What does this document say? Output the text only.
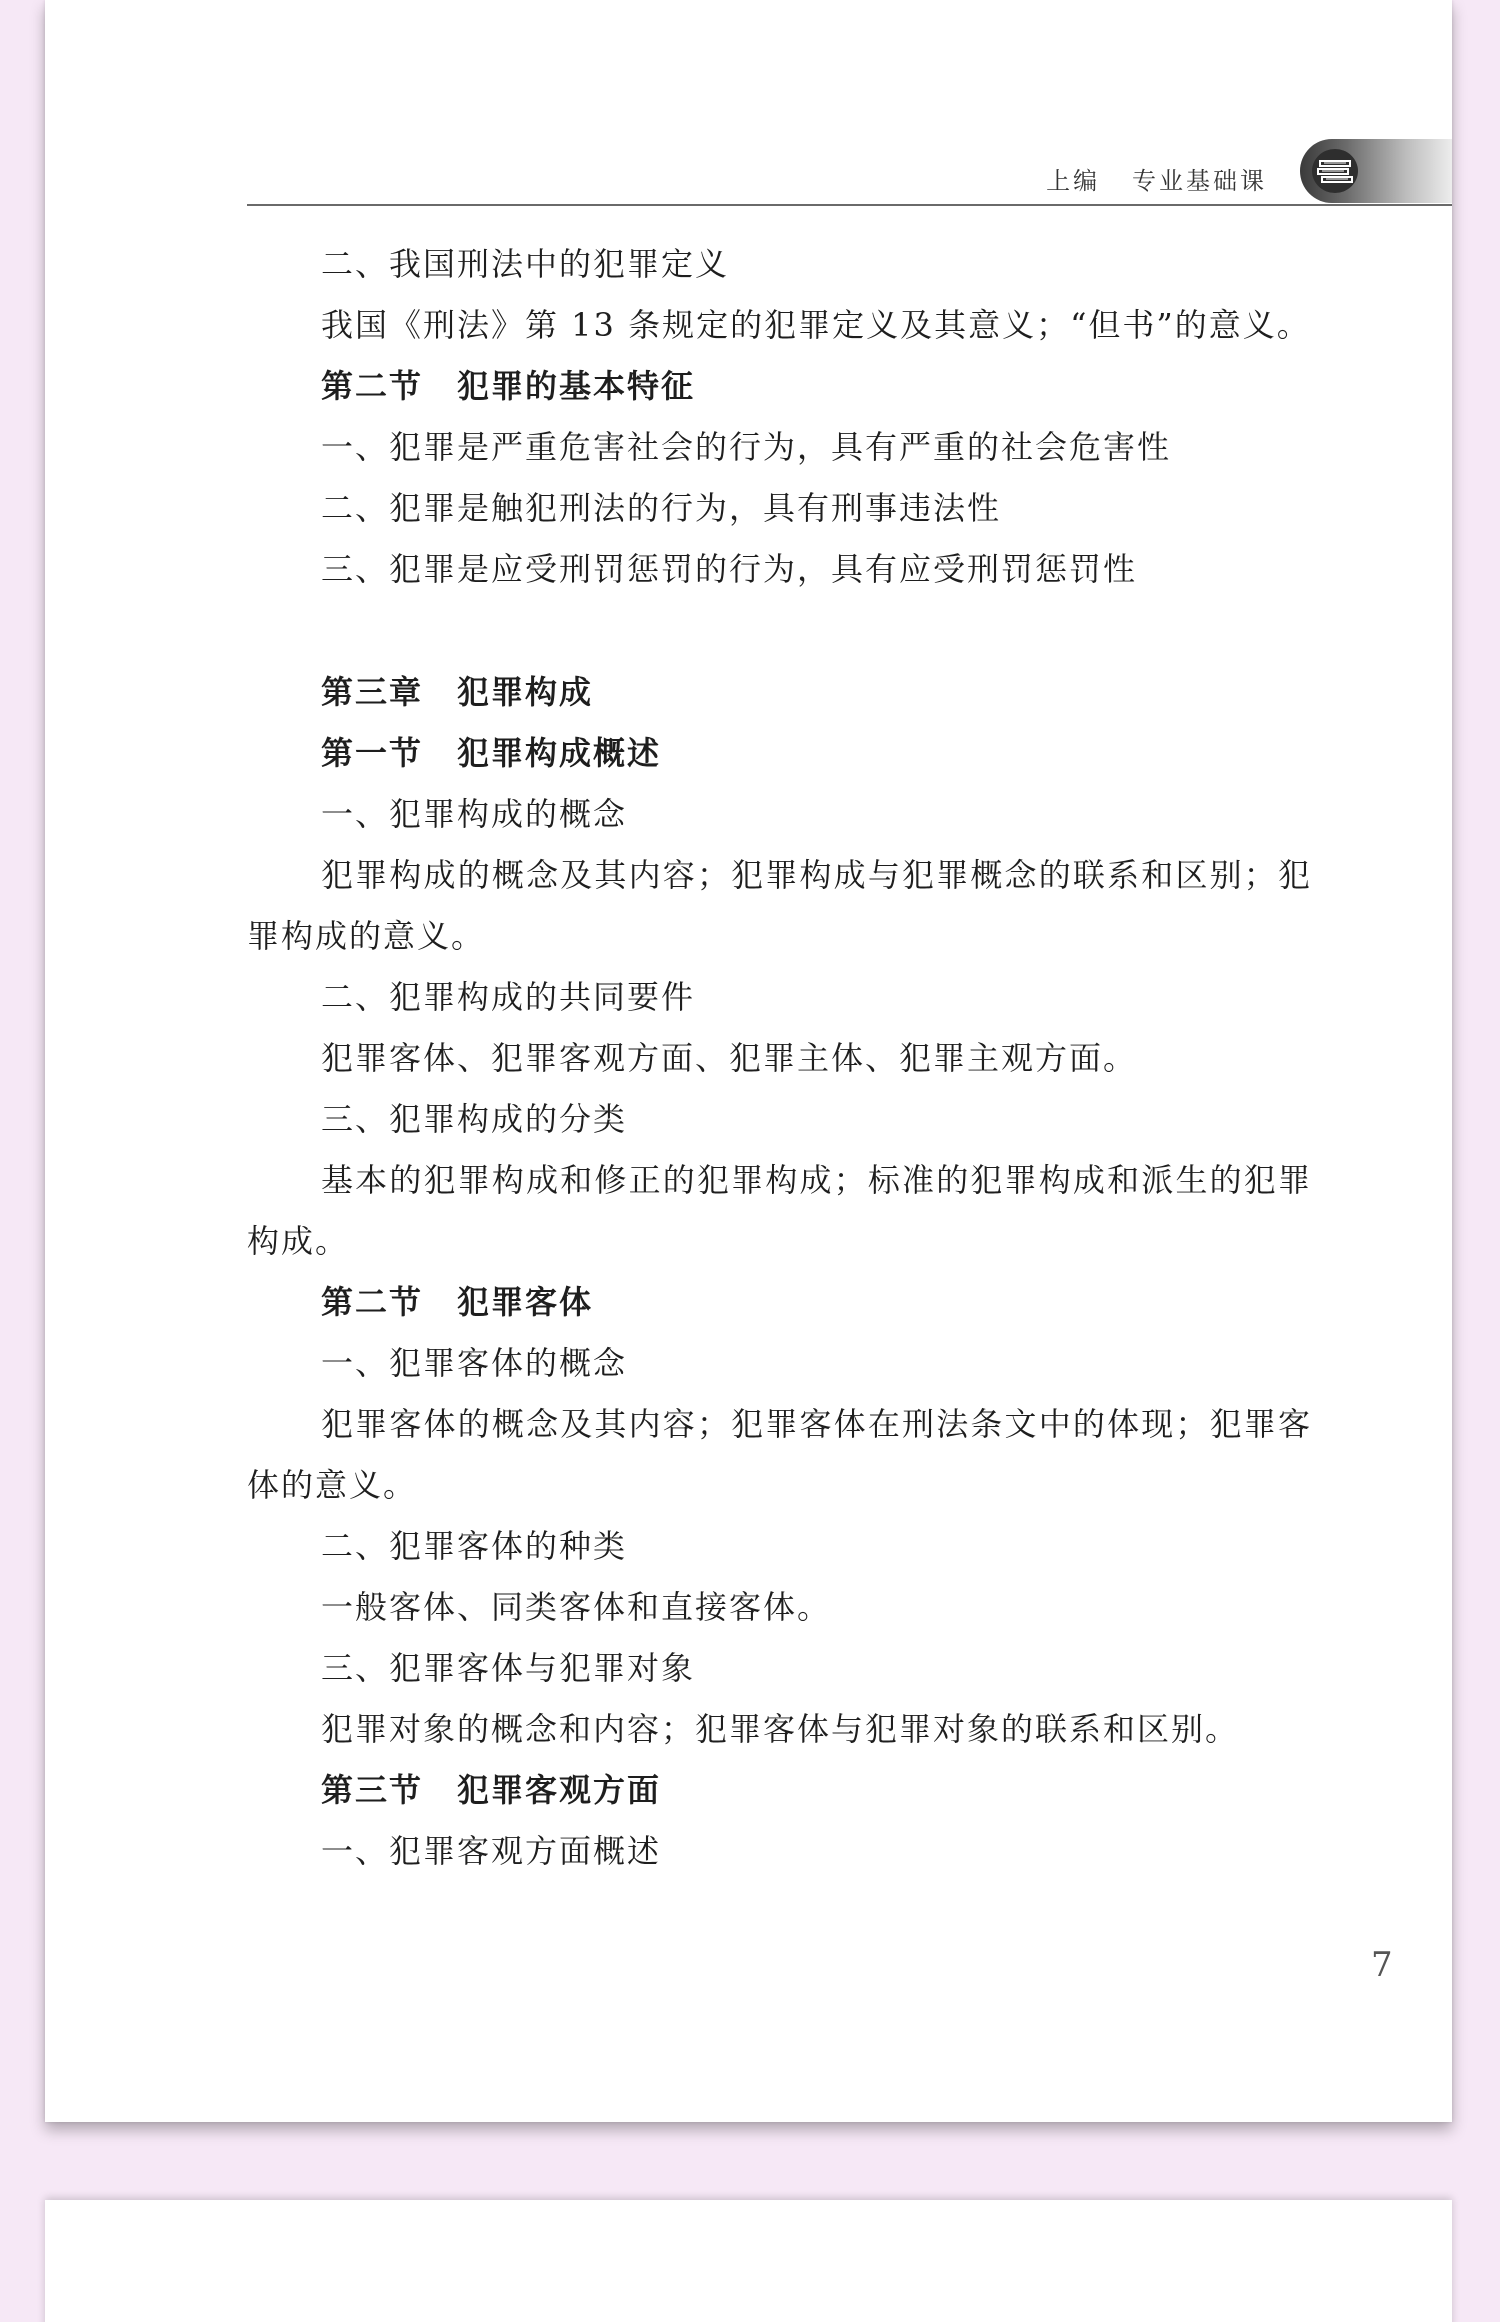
上编   专业基础课

二、我国刑法中的犯罪定义

我国《刑法》第 13 条规定的犯罪定义及其意义；“但书”的意义。

第二节　犯罪的基本特征

一、犯罪是严重危害社会的行为，具有严重的社会危害性

二、犯罪是触犯刑法的行为，具有刑事违法性

三、犯罪是应受刑罚惩罚的行为，具有应受刑罚惩罚性

第三章　犯罪构成

第一节　犯罪构成概述

一、犯罪构成的概念

犯罪构成的概念及其内容；犯罪构成与犯罪概念的联系和区别；犯罪构成的意义。

二、犯罪构成的共同要件

犯罪客体、犯罪客观方面、犯罪主体、犯罪主观方面。

三、犯罪构成的分类

基本的犯罪构成和修正的犯罪构成；标准的犯罪构成和派生的犯罪构成。

第二节　犯罪客体

一、犯罪客体的概念

犯罪客体的概念及其内容；犯罪客体在刑法条文中的体现；犯罪客体的意义。

二、犯罪客体的种类

一般客体、同类客体和直接客体。

三、犯罪客体与犯罪对象

犯罪对象的概念和内容；犯罪客体与犯罪对象的联系和区别。

第三节　犯罪客观方面

一、犯罪客观方面概述

7
